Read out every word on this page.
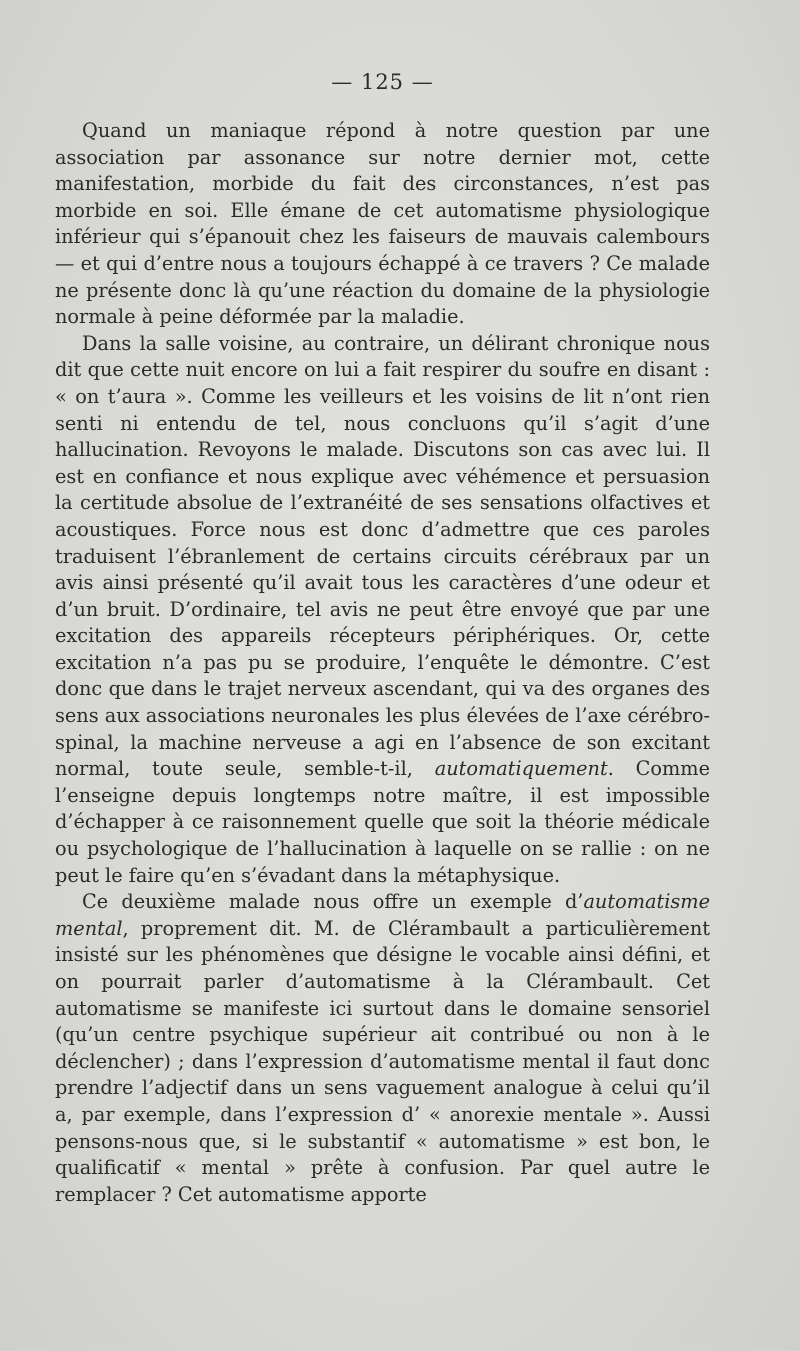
— 125 —

Quand un maniaque répond à notre question par une association par assonance sur notre dernier mot, cette manifestation, morbide du fait des circonstances, n’est pas morbide en soi. Elle émane de cet automatisme physiologique inférieur qui s’épanouit chez les faiseurs de mauvais calembours — et qui d’entre nous a toujours échappé à ce travers ? Ce malade ne présente donc là qu’une réaction du domaine de la physiologie normale à peine déformée par la maladie.

Dans la salle voisine, au contraire, un délirant chronique nous dit que cette nuit encore on lui a fait respirer du soufre en disant : « on t’aura ». Comme les veilleurs et les voisins de lit n’ont rien senti ni entendu de tel, nous concluons qu’il s’agit d’une hallucination. Revoyons le malade. Discutons son cas avec lui. Il est en confiance et nous explique avec véhémence et persuasion la certitude absolue de l’extranéité de ses sensations olfactives et acoustiques. Force nous est donc d’admettre que ces paroles traduisent l’ébranlement de certains circuits cérébraux par un avis ainsi présenté qu’il avait tous les caractères d’une odeur et d’un bruit. D’ordinaire, tel avis ne peut être envoyé que par une excitation des appareils récepteurs périphériques. Or, cette excitation n’a pas pu se produire, l’enquête le démontre. C’est donc que dans le trajet nerveux ascendant, qui va des organes des sens aux associations neuronales les plus élevées de l’axe cérébro-spinal, la machine nerveuse a agi en l’absence de son excitant normal, toute seule, semble-t-il, automatiquement. Comme l’enseigne depuis longtemps notre maître, il est impossible d’échapper à ce raisonnement quelle que soit la théorie médicale ou psychologique de l’hallucination à laquelle on se rallie : on ne peut le faire qu’en s’évadant dans la métaphysique.

Ce deuxième malade nous offre un exemple d’automatisme mental, proprement dit. M. de Clérambault a particulièrement insisté sur les phénomènes que désigne le vocable ainsi défini, et on pourrait parler d’automatisme à la Clérambault. Cet automatisme se manifeste ici surtout dans le domaine sensoriel (qu’un centre psychique supérieur ait contribué ou non à le déclencher) ; dans l’expression d’automatisme mental il faut donc prendre l’adjectif dans un sens vaguement analogue à celui qu’il a, par exemple, dans l’expression d’ « anorexie mentale ». Aussi pensons-nous que, si le substantif « automatisme » est bon, le qualificatif « mental » prête à confusion. Par quel autre le remplacer ? Cet automatisme apporte
